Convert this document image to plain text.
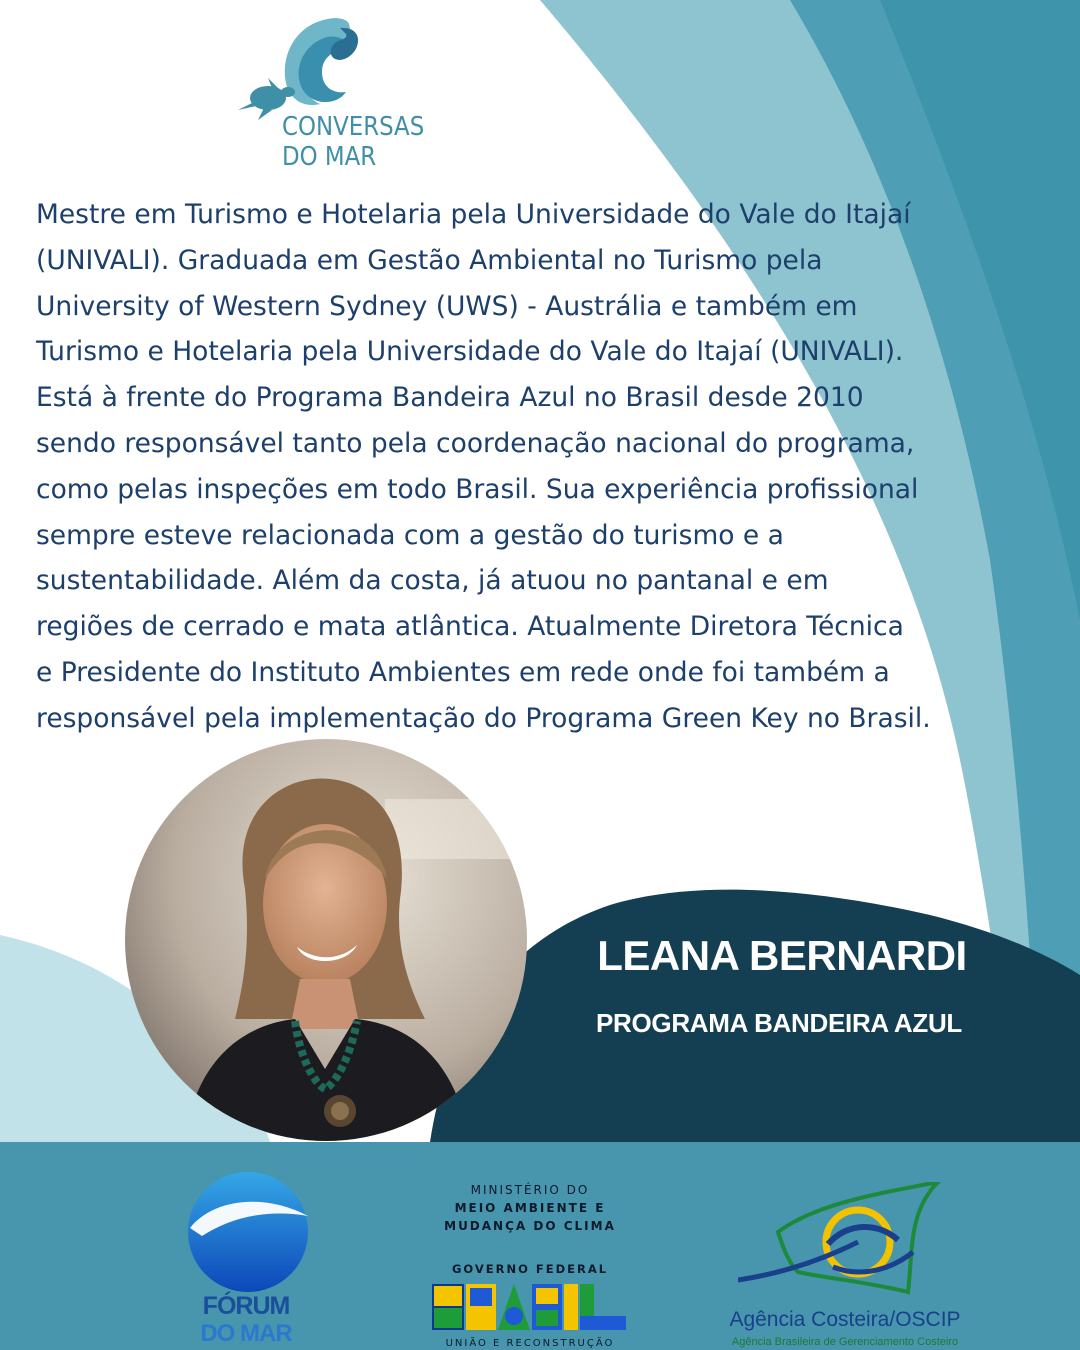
CONVERSAS
DO MAR

Mestre em Turismo e Hotelaria pela Universidade do Vale do Itajaí
(UNIVALI). Graduada em Gestão Ambiental no Turismo pela
University of Western Sydney (UWS) - Austrália e também em
Turismo e Hotelaria pela Universidade do Vale do Itajaí (UNIVALI).
Está à frente do Programa Bandeira Azul no Brasil desde 2010
sendo responsável tanto pela coordenação nacional do programa,
como pelas inspeções em todo Brasil. Sua experiência profissional
sempre esteve relacionada com a gestão do turismo e a
sustentabilidade. Além da costa, já atuou no pantanal e em
regiões de cerrado e mata atlântica. Atualmente Diretora Técnica
e Presidente do Instituto Ambientes em rede onde foi também a
responsável pela implementação do Programa Green Key no Brasil.

LEANA BERNARDI
PROGRAMA BANDEIRA AZUL
FÓRUM
DO MAR
MINISTÉRIO DO
MEIO AMBIENTE E
MUDANÇA DO CLIMA
GOVERNO FEDERAL
UNIÃO E RECONSTRUÇÃO
Agência Costeira/OSCIP
Agência Brasileira de Gerenciamento Costeiro
